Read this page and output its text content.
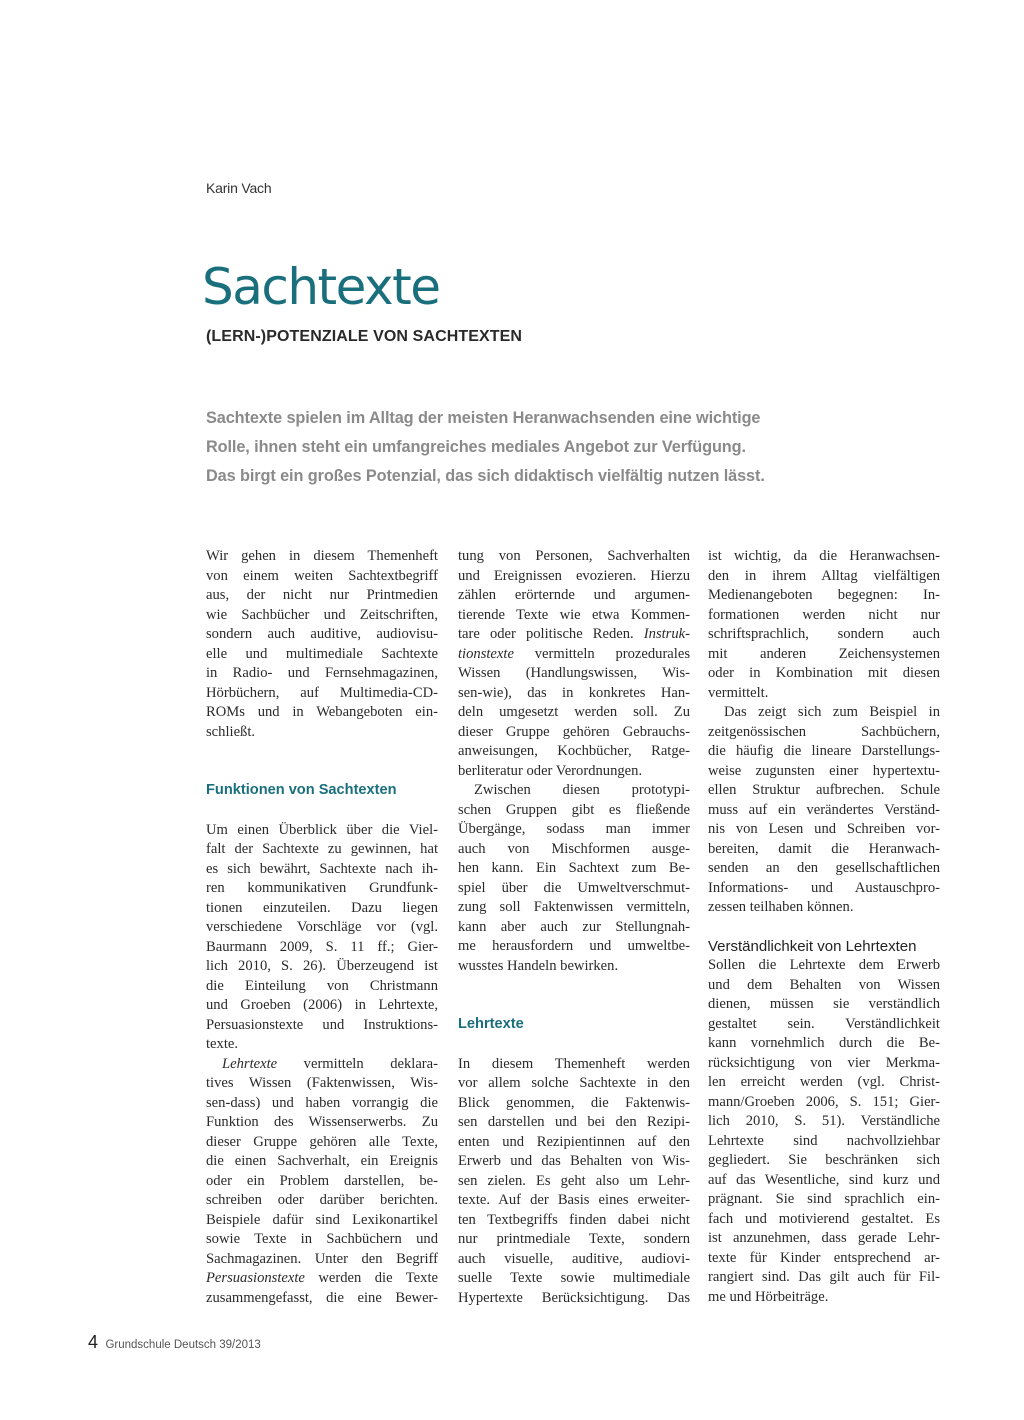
Karin Vach
Sachtexte
(LERN-)POTENZIALE VON SACHTEXTEN
Sachtexte spielen im Alltag der meisten Heranwachsenden eine wichtige
Rolle, ihnen steht ein umfangreiches mediales Angebot zur Verfügung.
Das birgt ein großes Potenzial, das sich didaktisch vielfältig nutzen lässt.

Wir gehen in diesem Themenheft
von einem weiten Sachtextbegriff
aus, der nicht nur Printmedien
wie Sachbücher und Zeitschriften,
sondern auch auditive, audiovisu-
elle und multimediale Sachtexte
in Radio- und Fernsehmagazinen,
Hörbüchern, auf Multimedia-CD-
ROMs und in Webangeboten ein-
schließt.

Funktionen von Sachtexten

Um einen Überblick über die Viel-
falt der Sachtexte zu gewinnen, hat
es sich bewährt, Sachtexte nach ih-
ren kommunikativen Grundfunk-
tionen einzuteilen. Dazu liegen
verschiedene Vorschläge vor (vgl.
Baurmann 2009, S. 11 ff.; Gier-
lich 2010, S. 26). Überzeugend ist
die Einteilung von Christmann
und Groeben (2006) in Lehrtexte,
Persuasionstexte und Instruktions-
texte.

Lehrtexte vermitteln deklara-
tives Wissen (Faktenwissen, Wis-
sen-dass) und haben vorrangig die
Funktion des Wissenserwerbs. Zu
dieser Gruppe gehören alle Texte,
die einen Sachverhalt, ein Ereignis
oder ein Problem darstellen, be-
schreiben oder darüber berichten.
Beispiele dafür sind Lexikonartikel
sowie Texte in Sachbüchern und
Sachmagazinen. Unter den Begriff
Persuasionstexte werden die Texte
zusammengefasst, die eine Bewer-

tung von Personen, Sachverhalten
und Ereignissen evozieren. Hierzu
zählen erörternde und argumen-
tierende Texte wie etwa Kommen-
tare oder politische Reden. Instruk-
tionstexte vermitteln prozedurales
Wissen (Handlungswissen, Wis-
sen-wie), das in konkretes Han-
deln umgesetzt werden soll. Zu
dieser Gruppe gehören Gebrauchs-
anweisungen, Kochbücher, Ratge-
berliteratur oder Verordnungen.

Zwischen diesen prototypi-
schen Gruppen gibt es fließende
Übergänge, sodass man immer
auch von Mischformen ausge-
hen kann. Ein Sachtext zum Be-
spiel über die Umweltverschmut-
zung soll Faktenwissen vermitteln,
kann aber auch zur Stellungnah-
me herausfordern und umweltbe-
wusstes Handeln bewirken.

Lehrtexte

In diesem Themenheft werden
vor allem solche Sachtexte in den
Blick genommen, die Faktenwis-
sen darstellen und bei den Rezipi-
enten und Rezipientinnen auf den
Erwerb und das Behalten von Wis-
sen zielen. Es geht also um Lehr-
texte. Auf der Basis eines erweiter-
ten Textbegriffs finden dabei nicht
nur printmediale Texte, sondern
auch visuelle, auditive, audiovi-
suelle Texte sowie multimediale
Hypertexte Berücksichtigung. Das

ist wichtig, da die Heranwachsen-
den in ihrem Alltag vielfältigen
Medienangeboten begegnen: In-
formationen werden nicht nur
schriftsprachlich, sondern auch
mit anderen Zeichensystemen
oder in Kombination mit diesen
vermittelt.

Das zeigt sich zum Beispiel in
zeitgenössischen Sachbüchern,
die häufig die lineare Darstellungs-
weise zugunsten einer hypertextu-
ellen Struktur aufbrechen. Schule
muss auf ein verändertes Verständ-
nis von Lesen und Schreiben vor-
bereiten, damit die Heranwach-
senden an den gesellschaftlichen
Informations- und Austauschpro-
zessen teilhaben können.

Verständlichkeit von Lehrtexten

Sollen die Lehrtexte dem Erwerb
und dem Behalten von Wissen
dienen, müssen sie verständlich
gestaltet sein. Verständlichkeit
kann vornehmlich durch die Be-
rücksichtigung von vier Merkma-
len erreicht werden (vgl. Christ-
mann/Groeben 2006, S. 151; Gier-
lich 2010, S. 51). Verständliche
Lehrtexte sind nachvollziehbar
gegliedert. Sie beschränken sich
auf das Wesentliche, sind kurz und
prägnant. Sie sind sprachlich ein-
fach und motivierend gestaltet. Es
ist anzunehmen, dass gerade Lehr-
texte für Kinder entsprechend ar-
rangiert sind. Das gilt auch für Fil-
me und Hörbeiträge.

4 Grundschule Deutsch 39/2013
